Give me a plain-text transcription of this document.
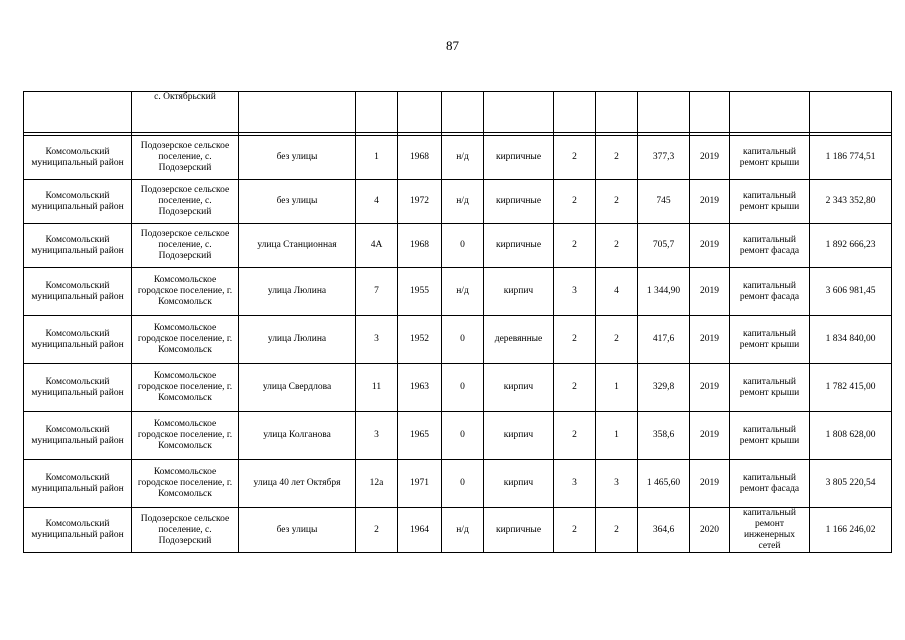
87
	с. Октябрьский											

Комсомольский муниципальный район	Подозерское сельское поселение, с. Подозерский	без улицы	1	1968	н/д	кирпичные	2	2	377,3	2019	капитальный ремонт крыши	1 186 774,51
Комсомольский муниципальный район	Подозерское сельское поселение, с. Подозерский	без улицы	4	1972	н/д	кирпичные	2	2	745	2019	капитальный ремонт крыши	2 343 352,80
Комсомольский муниципальный район	Подозерское сельское поселение, с. Подозерский	улица Станционная	4А	1968	0	кирпичные	2	2	705,7	2019	капитальный ремонт фасада	1 892 666,23
Комсомольский муниципальный район	Комсомольское городское поселение, г. Комсомольск	улица Люлина	7	1955	н/д	кирпич	3	4	1 344,90	2019	капитальный ремонт фасада	3 606 981,45
Комсомольский муниципальный район	Комсомольское городское поселение, г. Комсомольск	улица Люлина	3	1952	0	деревянные	2	2	417,6	2019	капитальный ремонт крыши	1 834 840,00
Комсомольский муниципальный район	Комсомольское городское поселение, г. Комсомольск	улица Свердлова	11	1963	0	кирпич	2	1	329,8	2019	капитальный ремонт крыши	1 782 415,00
Комсомольский муниципальный район	Комсомольское городское поселение, г. Комсомольск	улица Колганова	3	1965	0	кирпич	2	1	358,6	2019	капитальный ремонт крыши	1 808 628,00
Комсомольский муниципальный район	Комсомольское городское поселение, г. Комсомольск	улица 40 лет Октября	12а	1971	0	кирпич	3	3	1 465,60	2019	капитальный ремонт фасада	3 805 220,54
Комсомольский муниципальный район	Подозерское сельское поселение, с. Подозерский	без улицы	2	1964	н/д	кирпичные	2	2	364,6	2020	капитальный ремонт инженерных сетей	1 166 246,02
